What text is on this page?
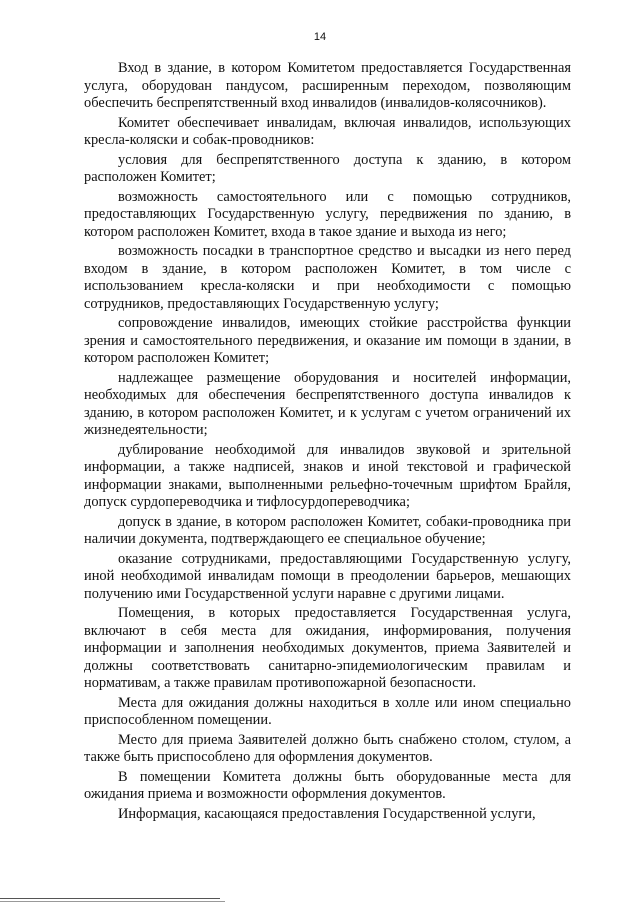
14

Вход в здание, в котором Комитетом предоставляется Государственная услуга, оборудован пандусом, расширенным переходом, позволяющим обеспечить беспрепятственный вход инвалидов (инвалидов-колясочников).

Комитет обеспечивает инвалидам, включая инвалидов, использующих кресла-коляски и собак-проводников:

условия для беспрепятственного доступа к зданию, в котором расположен Комитет;

возможность самостоятельного или с помощью сотрудников, предоставляющих Государственную услугу, передвижения по зданию, в котором расположен Комитет, входа в такое здание и выхода из него;

возможность посадки в транспортное средство и высадки из него перед входом в здание, в котором расположен Комитет, в том числе с использованием кресла-коляски и при необходимости с помощью сотрудников, предоставляющих Государственную услугу;

сопровождение инвалидов, имеющих стойкие расстройства функции зрения и самостоятельного передвижения, и оказание им помощи в здании, в котором расположен Комитет;

надлежащее размещение оборудования и носителей информации, необходимых для обеспечения беспрепятственного доступа инвалидов к зданию, в котором расположен Комитет, и к услугам с учетом ограничений их жизнедеятельности;

дублирование необходимой для инвалидов звуковой и зрительной информации, а также надписей, знаков и иной текстовой и графической информации знаками, выполненными рельефно-точечным шрифтом Брайля, допуск сурдопереводчика и тифлосурдопереводчика;

допуск в здание, в котором расположен Комитет, собаки-проводника при наличии документа, подтверждающего ее специальное обучение;

оказание сотрудниками, предоставляющими Государственную услугу, иной необходимой инвалидам помощи в преодолении барьеров, мешающих получению ими Государственной услуги наравне с другими лицами.

Помещения, в которых предоставляется Государственная услуга, включают в себя места для ожидания, информирования, получения информации и заполнения необходимых документов, приема Заявителей и должны соответствовать санитарно-эпидемиологическим правилам и нормативам, а также правилам противопожарной безопасности.

Места для ожидания должны находиться в холле или ином специально приспособленном помещении.

Место для приема Заявителей должно быть снабжено столом, стулом, а также быть приспособлено для оформления документов.

В помещении Комитета должны быть оборудованные места для ожидания приема и возможности оформления документов.

Информация, касающаяся предоставления Государственной услуги,
